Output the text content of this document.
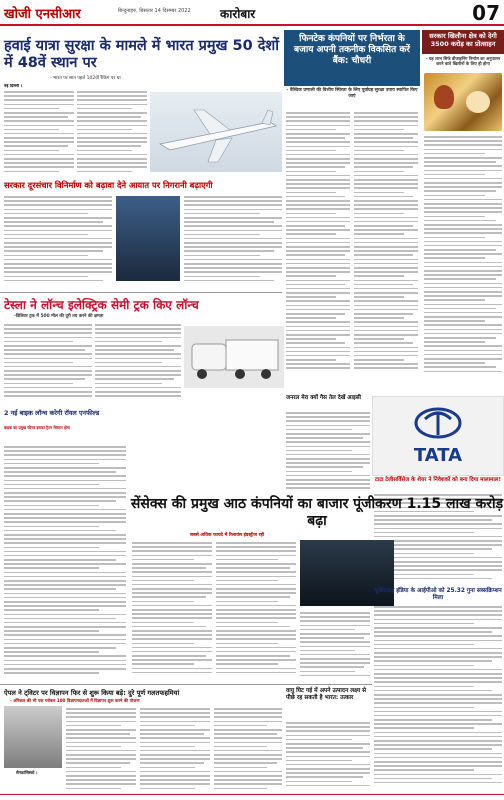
खोजी एनसीआर	बिन्दुनाहरु, बिसतार 14 दिसम्बर 2022	कारोबार	07
हवाई यात्रा सुरक्षा के मामले में भारत प्रमुख 50 देशों में 48वें स्थान पर
- भारत पर सात पहले 102वीं रैंकिंग पर था
नई दिल्ली ।
फिनटेक कंपनियों पर निर्भरता के बजाय अपनी तकनीक विकसित करें बैंक: चौधरी
- वैश्विक प्रणाली की वित्तीय स्थिरता के लिए पूर्वाग्रह सुरक्षा उपाय स्थापित किए जाएं
सरकार खिलौना क्षेत्र को देगी 3500 करोड़ का प्रोत्साहन
- यह लाभ सिर्फ डीजाइनिंग निर्माण का अनुपालन करने वाले खिलौनों के लिए ही होगा
सरकार दूरसंचार विनिर्माण को बढ़ावा देने आयात पर निगरानी बढ़ाएगी
टेस्ला ने लॉन्च इलेक्ट्रिक सेमी ट्रक किए लॉन्च
-डिलिवर ट्रक में 500 मील की दूरी तय करने की क्षमता
2 नई बाइक लॉन्च करेगी रॉयल एनफील्ड
बाइक का प्रमुख फीचर इसका ट्रैटन सिस्टम होगा
जनरल मेरा क्यों गैस तेल देखें आइसी
TATA
टाटा टेलीसर्विसेज के शेयर ने निवेशकों को बना दिया मालामाल!
सेंसेक्स की प्रमुख आठ कंपनियों का बाजार पूंजीकरण 1.15 लाख करोड़ बढ़ा
सबसे अधिक फायदे में रिलायंस इंडस्ट्रीज रही
यूनीफाइड इंडिया के आईपीओ को 25.32 गुना सब्सक्रिप्शन मिला
ऐपल ने ट्विटर पर विज्ञापन फिर से शुरू किया बड़े: दुरे पूर्ण गलतफहमियां
- ओरैकल की भी एक ग्लोबल 100 विज्ञापनदातओं में विज्ञापन शुरू करने की योजना
सैनफ्रांसिस्को ।
वायु घिट गई में अपने उत्पादन लक्ष्य से पीछे रह सकती है भारत: तत्कार
